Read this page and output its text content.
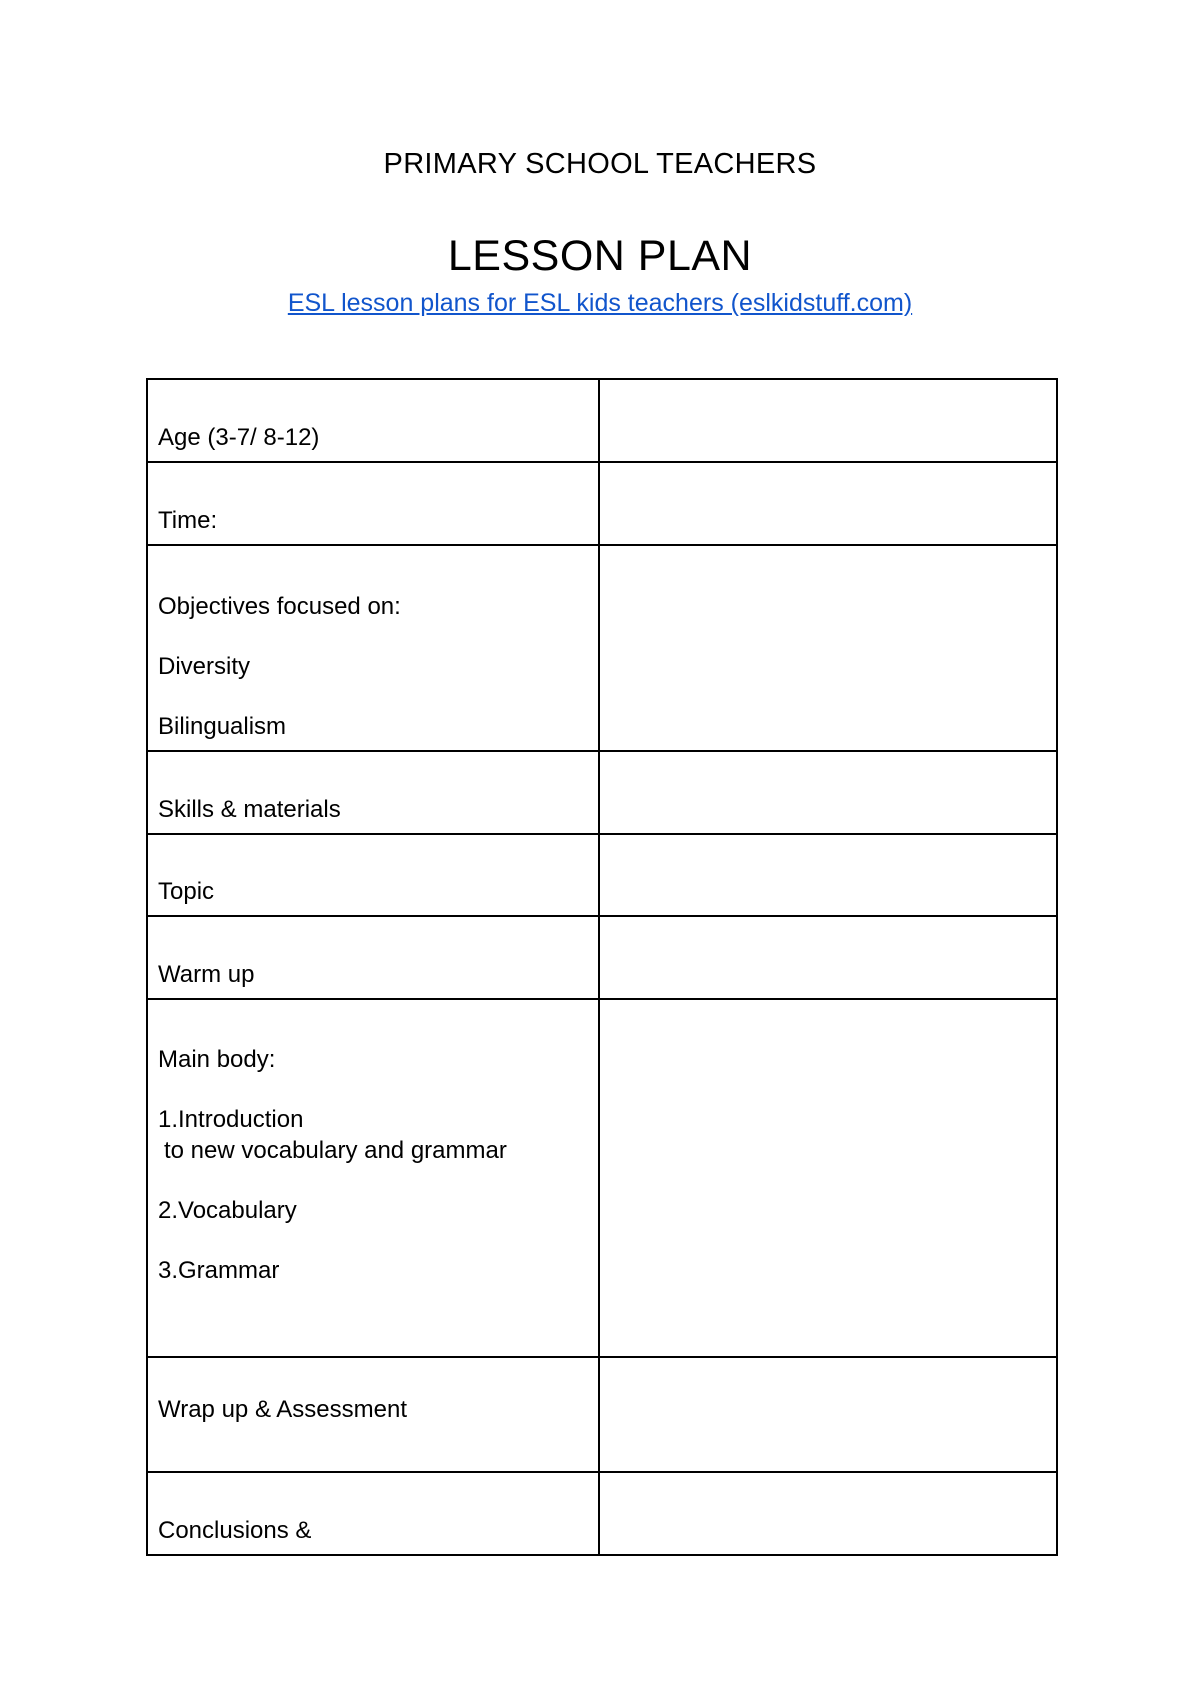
PRIMARY SCHOOL TEACHERS
LESSON PLAN
ESL lesson plans for ESL kids teachers (eslkidstuff.com)
Age (3-7/ 8-12)	
Time:	

Objectives focused on:
Diversity
Bilingualism	

Skills & materials	
Topic	
Warm up	

Main body:
1.Introduction
to new vocabulary and grammar
2.Vocabulary
3.Grammar	

Wrap up & Assessment	
Conclusions &	
